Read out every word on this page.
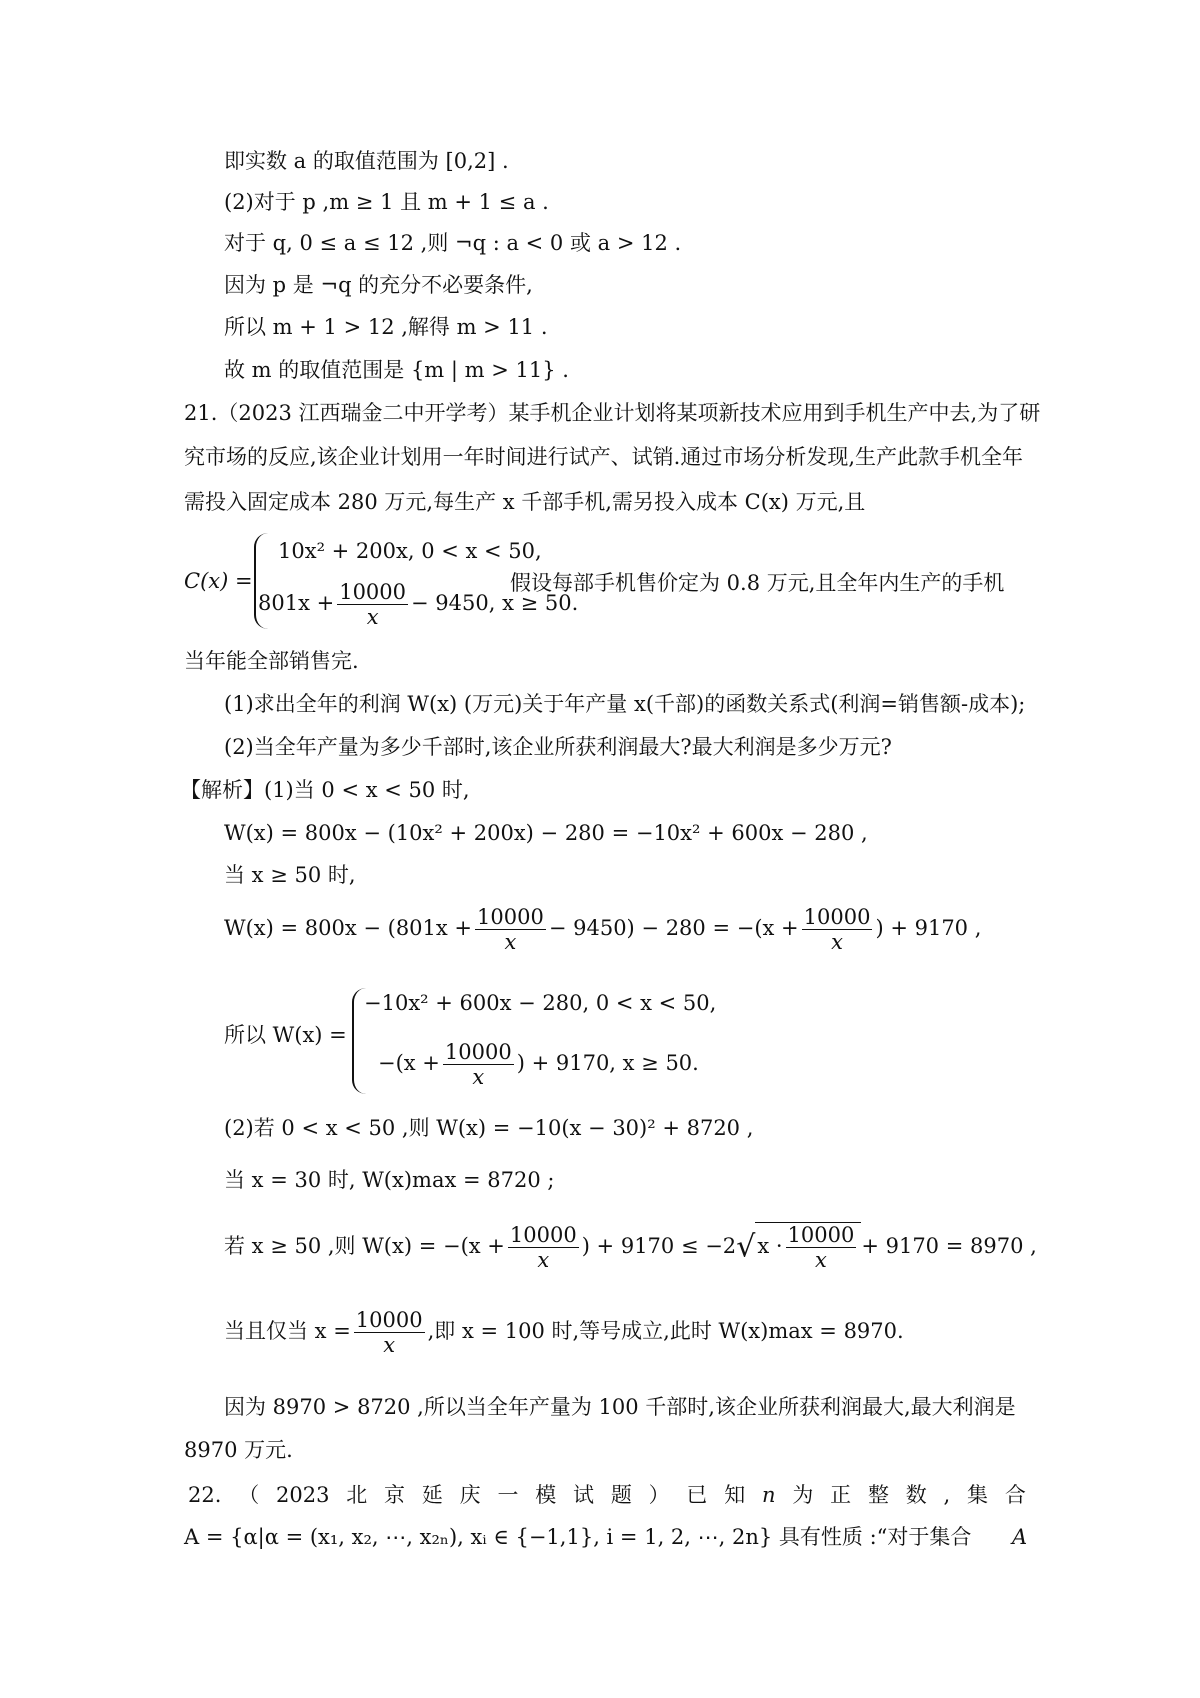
即实数 a 的取值范围为 [0,2] .
(2)对于 p ,m ≥ 1 且 m + 1 ≤ a .
对于 q, 0 ≤ a ≤ 12 ,则 ¬q : a < 0 或 a > 12 .
因为 p 是 ¬q 的充分不必要条件,
所以 m + 1 > 12 ,解得 m > 11 .
故 m 的取值范围是 {m | m > 11} .
21.（2023 江西瑞金二中开学考）某手机企业计划将某项新技术应用到手机生产中去,为了研
究市场的反应,该企业计划用一年时间进行试产、试销.通过市场分析发现,生产此款手机全年
需投入固定成本 280 万元,每生产 x 千部手机,需另投入成本 C(x) 万元,且
C(x) =
10x² + 200x, 0 < x < 50,
$801x + \frac{10000}{x} - 9450$, x ≥ 50.
假设每部手机售价定为 0.8 万元,且全年内生产的手机
当年能全部销售完.
(1)求出全年的利润 W(x) (万元)关于年产量 x(千部)的函数关系式(利润=销售额-成本);
(2)当全年产量为多少千部时,该企业所获利润最大?最大利润是多少万元?
【解析】(1)当 0 < x < 50 时,
W(x) = 800x − (10x² + 200x) − 280 = −10x² + 600x − 280 ,
当 x ≥ 50 时,
$W(x) = 800x - (801x + \frac{10000}{x} - 9450) - 280 = -(x + \frac{10000}{x}$ ) + 9170 ,
所以 W(x) =
−10x² + 600x − 280, 0 < x < 50,
$-(x + \frac{10000}{x}$ ) + 9170, x ≥ 50.
(2)若 0 < x < 50 ,则 W(x) = −10(x − 30)² + 8720 ,
当 x = 30 时, W(x)max = 8720 ;
若 x ≥ 50 ,则 $W(x) = -(x + \frac{10000}{x}$ ) + $9170 \le -2√x \cdot \frac{10000}{x} + 9170 = 8970$ ,
当且仅当 $x = \frac{10000}{x}$ ,即 x = 100 时,等号成立,此时 W(x)max = 8970.
因为 8970 > 8720 ,所以当全年产量为 100 千部时,该企业所获利润最大,最大利润是
8970 万元.
22. （ 2023 北 京 延 庆 一 模 试 题 ） 已 知 n 为 正 整 数 , 集 合
A = {α|α = (x₁, x₂, ⋯, x₂ₙ), xᵢ ∈ {−1,1}, i = 1, 2, ⋯, 2n} 具有性质 :“对于集合 A
